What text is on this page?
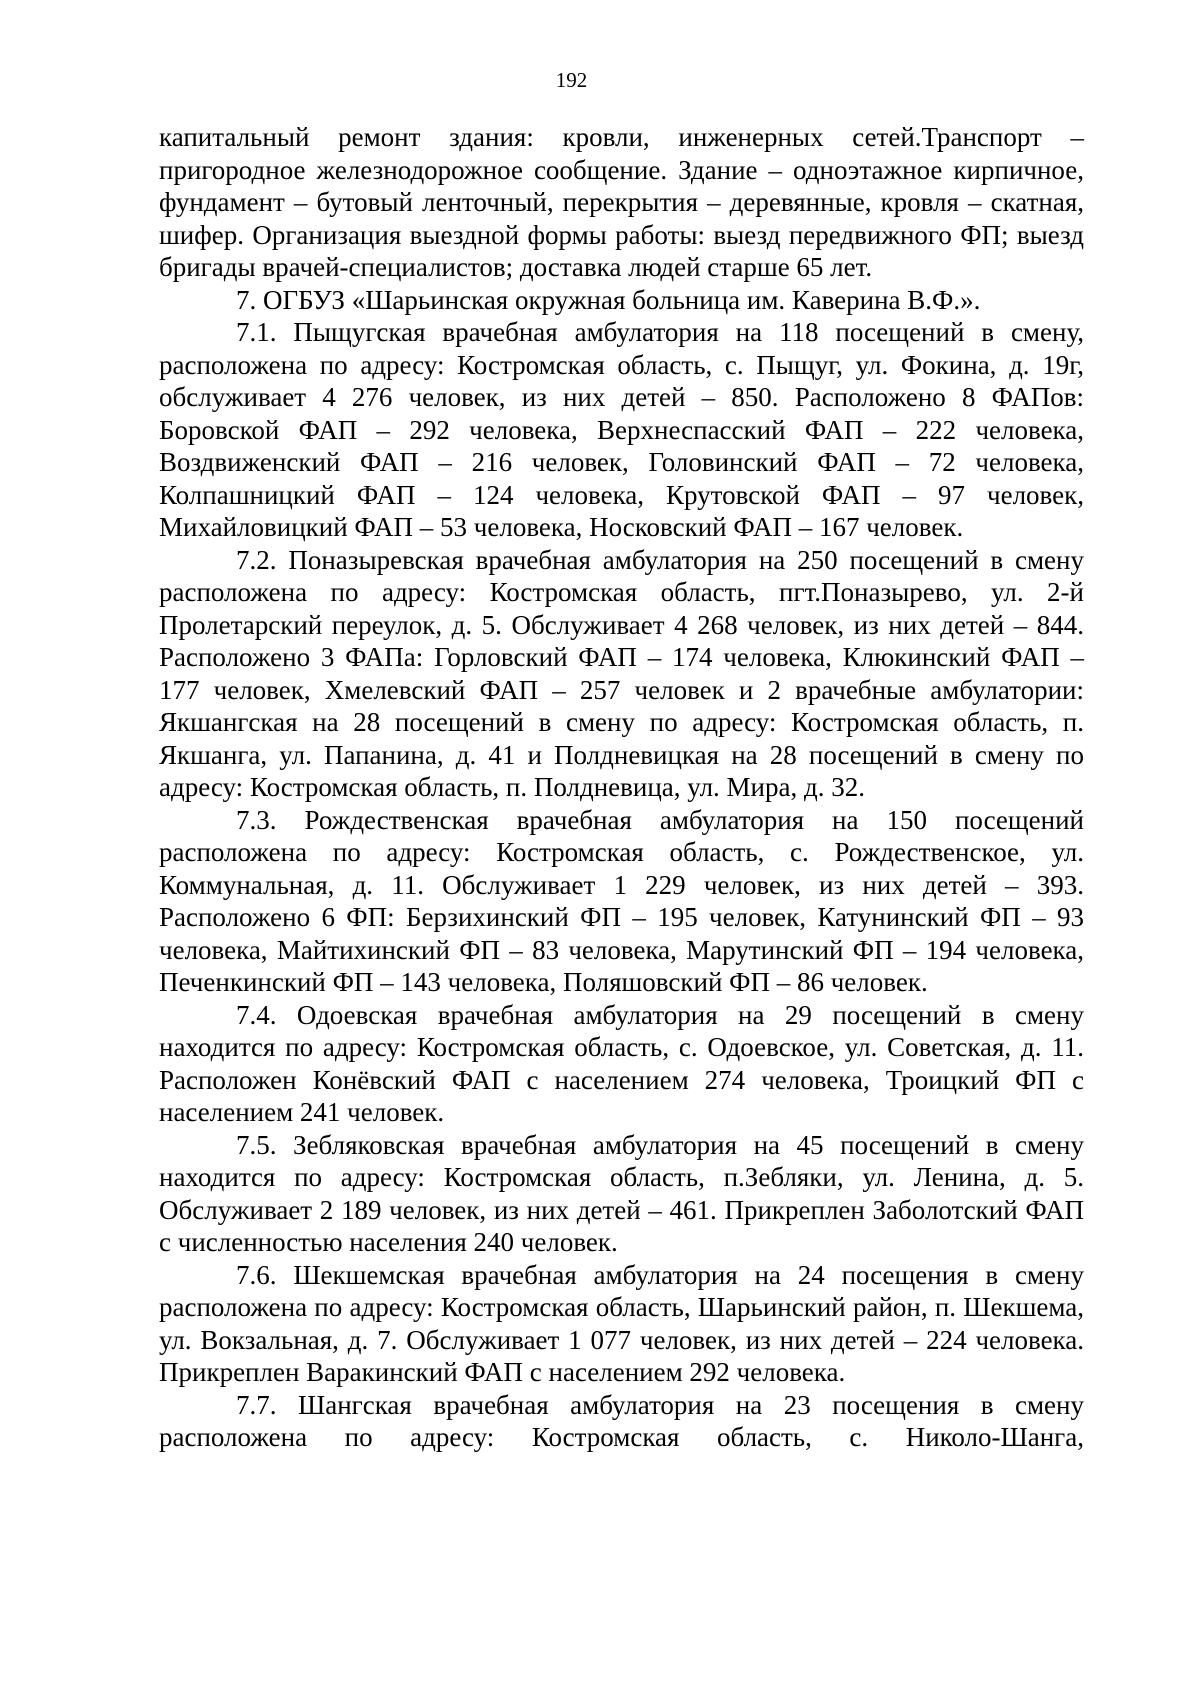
192

капитальный ремонт здания: кровли, инженерных сетей.Транспорт – пригородное железнодорожное сообщение. Здание – одноэтажное кирпичное, фундамент – бутовый ленточный, перекрытия – деревянные, кровля – скатная, шифер. Организация выездной формы работы: выезд передвижного ФП; выезд бригады врачей-специалистов; доставка людей старше 65 лет.

7. ОГБУЗ «Шарьинская окружная больница им. Каверина В.Ф.».

7.1. Пыщугская врачебная амбулатория на 118 посещений в смену, расположена по адресу: Костромская область, с. Пыщуг, ул. Фокина, д. 19г, обслуживает 4 276 человек, из них детей – 850. Расположено 8 ФАПов: Боровской ФАП – 292 человека, Верхнеспасский ФАП – 222 человека, Воздвиженский ФАП – 216 человек, Головинский ФАП – 72 человека, Колпашницкий ФАП – 124 человека, Крутовской ФАП – 97 человек, Михайловицкий ФАП – 53 человека, Носковский ФАП – 167 человек.

7.2. Поназыревская врачебная амбулатория на 250 посещений в смену расположена по адресу: Костромская область, пгт.Поназырево, ул. 2-й Пролетарский переулок, д. 5. Обслуживает 4 268 человек, из них детей – 844. Расположено 3 ФАПа: Горловский ФАП – 174 человека, Клюкинский ФАП – 177 человек, Хмелевский ФАП – 257 человек и 2 врачебные амбулатории: Якшангская на 28 посещений в смену по адресу: Костромская область, п. Якшанга, ул. Папанина, д. 41 и Полдневицкая на 28 посещений в смену по адресу: Костромская область, п. Полдневица, ул. Мира, д. 32.

7.3. Рождественская врачебная амбулатория на 150 посещений расположена по адресу: Костромская область, с. Рождественское, ул. Коммунальная, д. 11. Обслуживает 1 229 человек, из них детей – 393. Расположено 6 ФП: Берзихинский ФП – 195 человек, Катунинский ФП – 93 человека, Майтихинский ФП – 83 человека, Марутинский ФП – 194 человека, Печенкинский ФП – 143 человека, Поляшовский ФП – 86 человек.

7.4. Одоевская врачебная амбулатория на 29 посещений в смену находится по адресу: Костромская область, с. Одоевское, ул. Советская, д. 11. Расположен Конёвский ФАП с населением 274 человека, Троицкий ФП с населением 241 человек.

7.5. Зебляковская врачебная амбулатория на 45 посещений в смену находится по адресу: Костромская область, п.Зебляки, ул. Ленина, д. 5. Обслуживает 2 189 человек, из них детей – 461. Прикреплен Заболотский ФАП с численностью населения 240 человек.

7.6. Шекшемская врачебная амбулатория на 24 посещения в смену расположена по адресу: Костромская область, Шарьинский район, п. Шекшема, ул. Вокзальная, д. 7. Обслуживает 1 077 человек, из них детей – 224 человека. Прикреплен Варакинский ФАП с населением 292 человека.

7.7. Шангская врачебная амбулатория на 23 посещения в смену расположена по адресу: Костромская область, с. Николо-Шанга,
